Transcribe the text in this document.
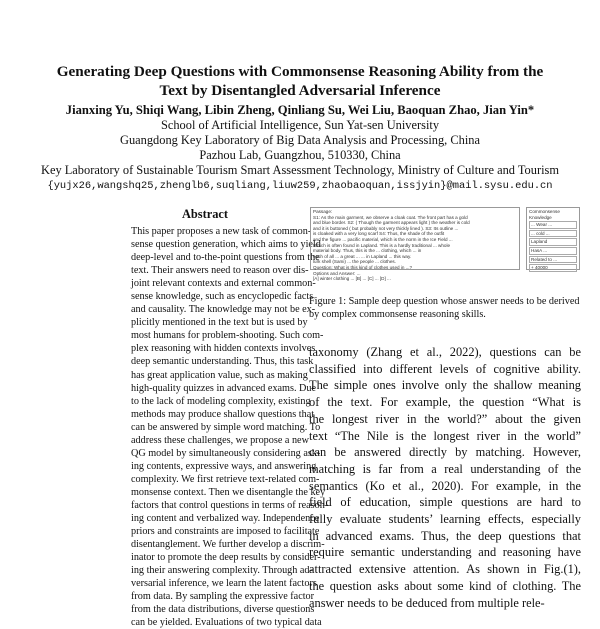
Generating Deep Questions with Commonsense Reasoning Ability from the
Text by Disentangled Adversarial Inference
Jianxing Yu, Shiqi Wang, Libin Zheng, Qinliang Su, Wei Liu, Baoquan Zhao, Jian Yin*
School of Artificial Intelligence, Sun Yat-sen University
Guangdong Key Laboratory of Big Data Analysis and Processing, China
Pazhou Lab, Guangzhou, 510330, China
Key Laboratory of Sustainable Tourism Smart Assessment Technology, Ministry of Culture and Tourism
{yujx26,wangshq25,zhenglb6,suqliang,liuw259,zhaobaoquan,issjyin}@mail.sysu.edu.cn
Abstract
This paper proposes a new task of common-
sense question generation, which aims to yield
deep-level and to-the-point questions from the
text. Their answers need to reason over dis-
joint relevant contexts and external common-
sense knowledge, such as encyclopedic facts
and causality. The knowledge may not be ex-
plicitly mentioned in the text but is used by
most humans for problem-shooting. Such com-
plex reasoning with hidden contexts involves
deep semantic understanding. Thus, this task
has great application value, such as making
high-quality quizzes in advanced exams. Due
to the lack of modeling complexity, existing
methods may produce shallow questions that
can be answered by simple word matching. To
address these challenges, we propose a new
QG model by simultaneously considering ask-
ing contents, expressive ways, and answering
complexity. We first retrieve text-related com-
monsense context. Then we disentangle the key
factors that control questions in terms of reason-
ing content and verbalized way. Independence
priors and constraints are imposed to facilitate
disentanglement. We further develop a discrim-
inator to promote the deep results by consider-
ing their answering complexity. Through ad-
versarial inference, we learn the latent factors
from data. By sampling the expressive factor
from the data distributions, diverse questions
can be yielded. Evaluations of two typical data
Passage:
S1: As the main garment, we observe a cloak coat. The front part has a gold
and blue border. S2: ( Though the garment appears light ) the weather is cold
and it is buttoned ( but probably not very thickly lined ). S3: Its outline ...
is cloaked with a very long scarf S4: Thus, the shade of the outfit
and the figure ... pacific material, which is the norm in the Ice Field ...
Which is often found in Lapland. This is a hardly traditional ... whole
material body. Thus, this is the ... clothing, which ... in
each of all ... a great ... ... in Lapland ... this way.
lurk shell (Sami) ... the people ... clothes.
Question: What is this kind of clothes used in ...?
Options and Answer: ...
[A] winter clothing ... [B] ... [C] ... [D] ...
Commonsense Knowledge
... Wear ...
... cold ...
Lapland
HasA ...
Related to ...
+ 40000
Figure 1: Sample deep question whose answer needs to be derived by complex commonsense reasoning skills.
taxonomy (Zhang et al., 2022), questions can be
classified into different levels of cognitive ability.
The simple ones involve only the shallow meaning
of the text. For example, the question “What is
the longest river in the world?” about the given
text “The Nile is the longest river in the world”
can be answered directly by matching. However,
matching is far from a real understanding of the
semantics (Ko et al., 2020). For example, in the
field of education, simple questions are hard to
fully evaluate students’ learning effects, especially
in advanced exams. Thus, the deep questions that
require semantic understanding and reasoning have
attracted extensive attention. As shown in Fig.(1),
the question asks about some kind of clothing. The
answer needs to be deduced from multiple rele-
